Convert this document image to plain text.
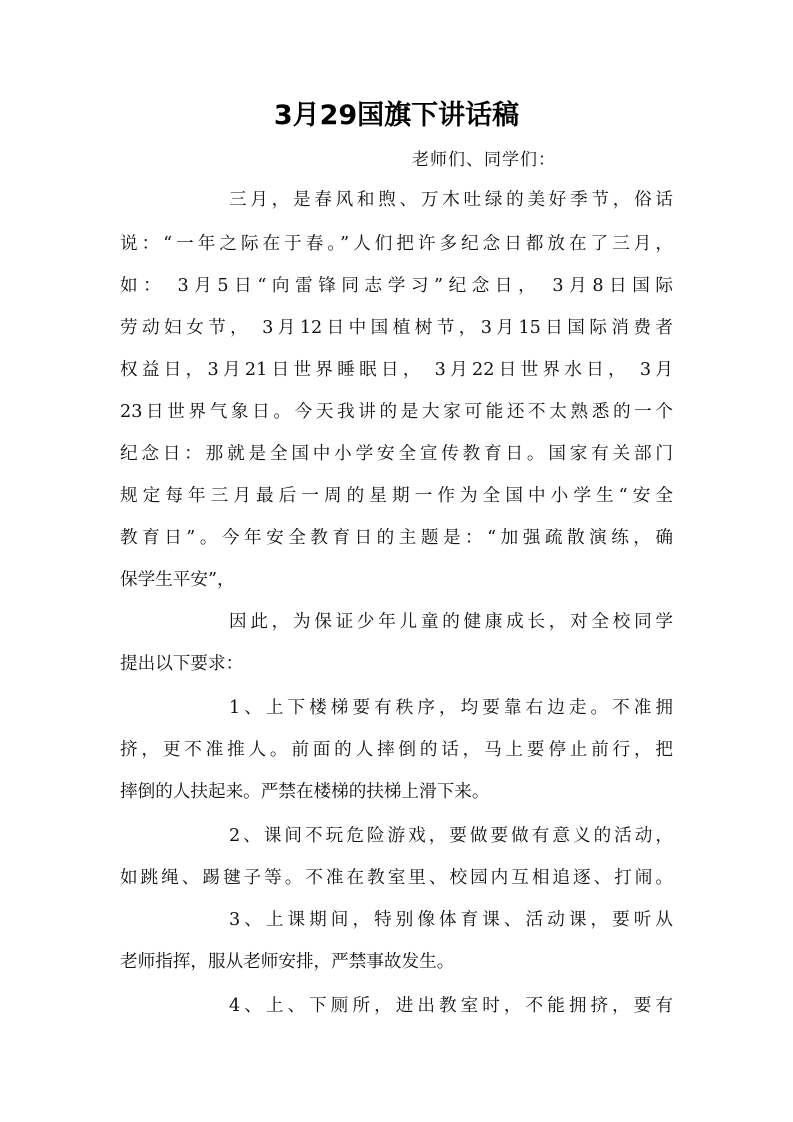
3月29国旗下讲话稿
老师们、同学们：
三月，是春风和煦、万木吐绿的美好季节，俗话
说：“一年之际在于春。”人们把许多纪念日都放在了三月，
如： 3月5日“向雷锋同志学习”纪念日， 3月8日国际
劳动妇女节， 3月12日中国植树节，3月15日国际消费者
权益日，3月21日世界睡眠日， 3月22日世界水日， 3月
23日世界气象日。今天我讲的是大家可能还不太熟悉的一个
纪念日：那就是全国中小学安全宣传教育日。国家有关部门
规定每年三月最后一周的星期一作为全国中小学生“安全
教育日”。今年安全教育日的主题是：“加强疏散演练，确
保学生平安”，
因此，为保证少年儿童的健康成长，对全校同学
提出以下要求：
1、上下楼梯要有秩序，均要靠右边走。不准拥
挤，更不准推人。前面的人摔倒的话，马上要停止前行，把
摔倒的人扶起来。严禁在楼梯的扶梯上滑下来。
2、课间不玩危险游戏，要做要做有意义的活动，
如跳绳、踢毽子等。不准在教室里、校园内互相追逐、打闹。
3、上课期间，特别像体育课、活动课，要听从
老师指挥，服从老师安排，严禁事故发生。
4、上、下厕所，进出教室时，不能拥挤，要有
